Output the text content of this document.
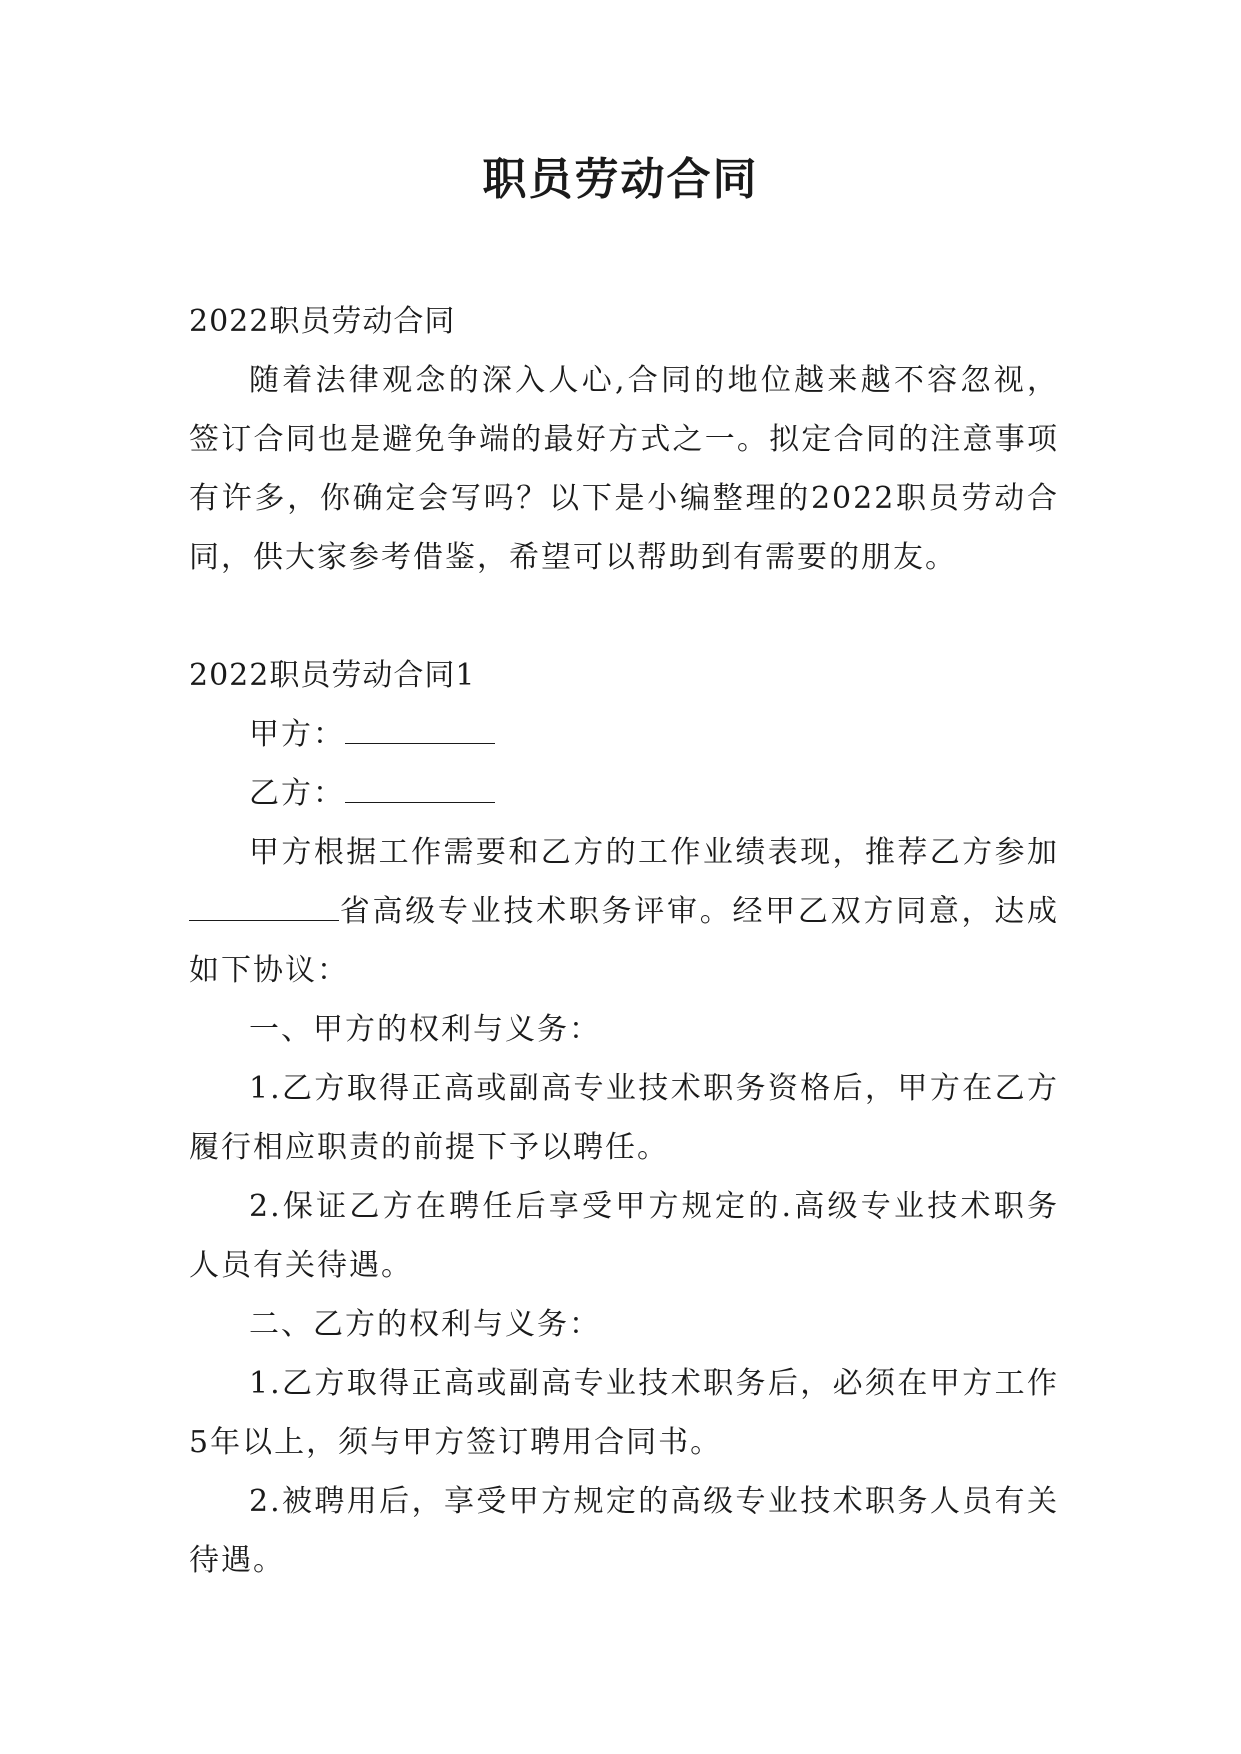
职员劳动合同

2022职员劳动合同

随着法律观念的深入人心,合同的地位越来越不容忽视，签订合同也是避免争端的最好方式之一。拟定合同的注意事项有许多，你确定会写吗？以下是小编整理的2022职员劳动合同，供大家参考借鉴，希望可以帮助到有需要的朋友。

2022职员劳动合同1

甲方：

乙方：

甲方根据工作需要和乙方的工作业绩表现，推荐乙方参加省高级专业技术职务评审。经甲乙双方同意，达成如下协议：

一、甲方的权利与义务：

1.乙方取得正高或副高专业技术职务资格后，甲方在乙方履行相应职责的前提下予以聘任。

2.保证乙方在聘任后享受甲方规定的.高级专业技术职务人员有关待遇。

二、乙方的权利与义务：

1.乙方取得正高或副高专业技术职务后，必须在甲方工作5年以上，须与甲方签订聘用合同书。

2.被聘用后，享受甲方规定的高级专业技术职务人员有关待遇。
